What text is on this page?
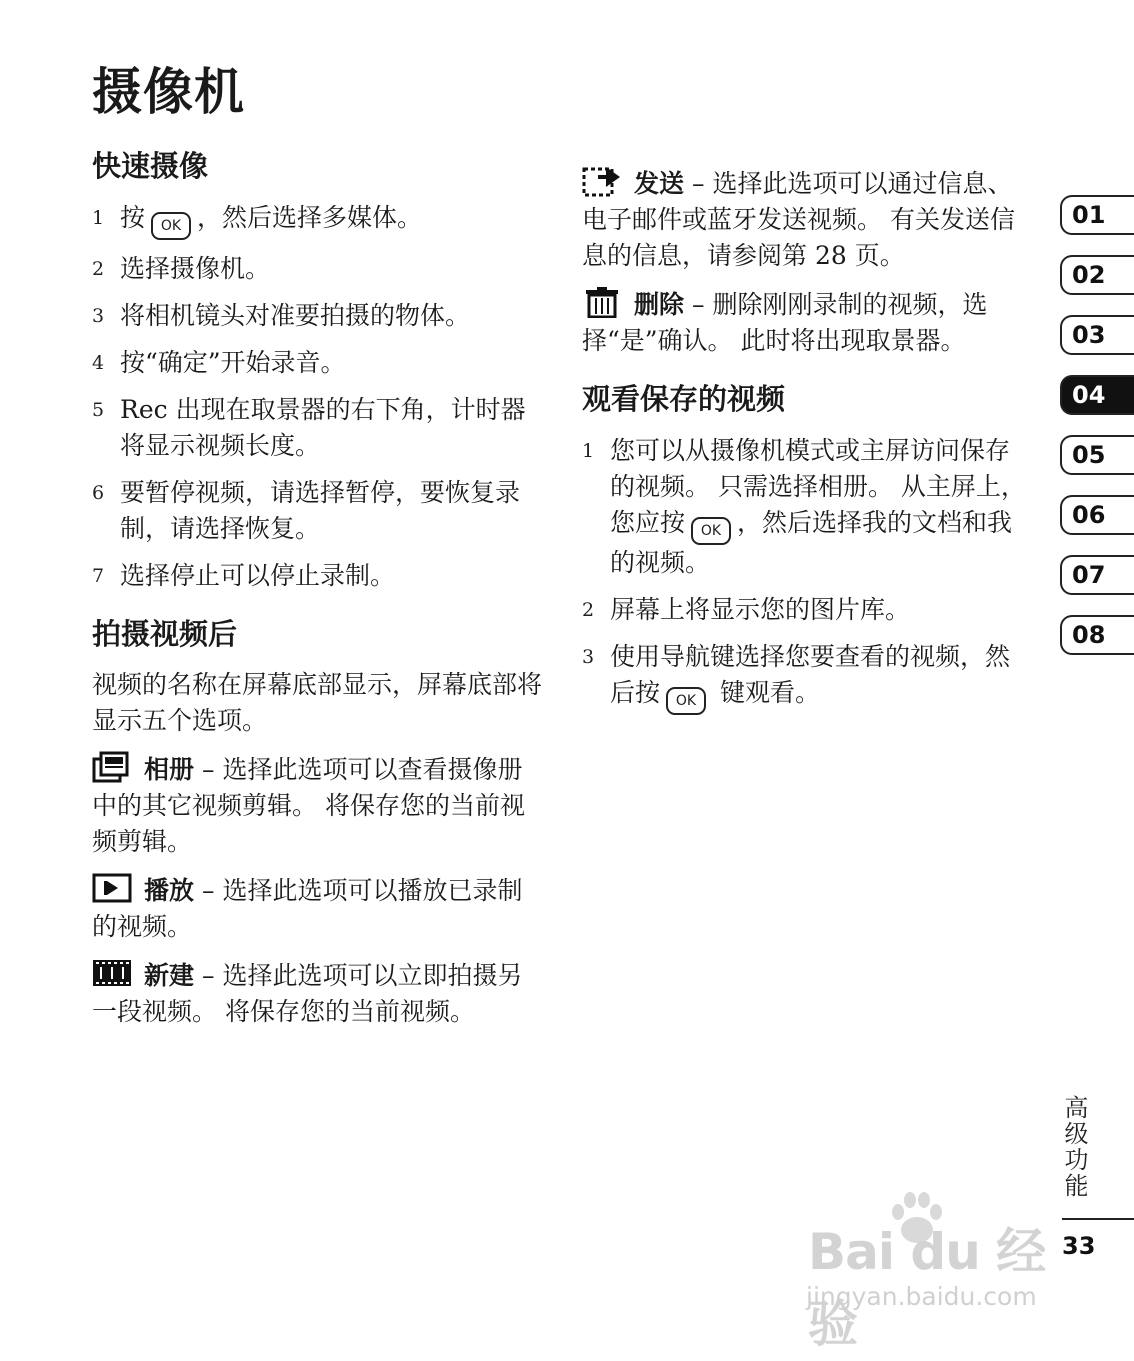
摄像机
快速摄像
1 按 OK ，然后选择多媒体。
2 选择摄像机。
3 将相机镜头对准要拍摄的物体。
4 按“确定”开始录音。
5 Rec 出现在取景器的右下角，计时器将显示视频长度。
6 要暂停视频，请选择暂停，要恢复录制，请选择恢复。
7 选择停止可以停止录制。
拍摄视频后

视频的名称在屏幕底部显示，屏幕底部将显示五个选项。

相册 – 选择此选项可以查看摄像册中的其它视频剪辑。 将保存您的当前视频剪辑。
播放 – 选择此选项可以播放已录制的视频。
新建 – 选择此选项可以立即拍摄另一段视频。 将保存您的当前视频。
发送 – 选择此选项可以通过信息、电子邮件或蓝牙发送视频。 有关发送信息的信息，请参阅第 28 页。
删除 – 删除刚刚录制的视频，选择“是”确认。 此时将出现取景器。
观看保存的视频
1 您可以从摄像机模式或主屏访问保存的视频。 只需选择相册。 从主屏上，您应按 OK ，然后选择我的文档和我的视频。
2 屏幕上将显示您的图片库。
3 使用导航键选择您要查看的视频，然后按 OK 键观看。
01
02
03
04
05
06
07
08
高级功能
33
Bai du 经验
jingyan.baidu.com
